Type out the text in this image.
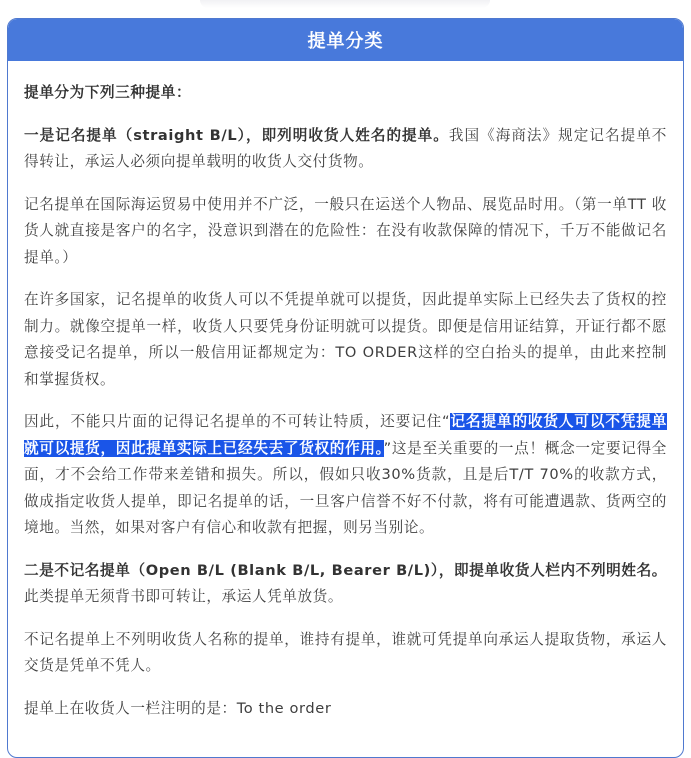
提单分类

提单分为下列三种提单：

一是记名提单（straight B/L），即列明收货人姓名的提单。我国《海商法》规定记名提单不得转让，承运人必须向提单载明的收货人交付货物。

记名提单在国际海运贸易中使用并不广泛，一般只在运送个人物品、展览品时用。（第一单TT 收货人就直接是客户的名字，没意识到潜在的危险性：在没有收款保障的情况下，千万不能做记名提单。）

在许多国家，记名提单的收货人可以不凭提单就可以提货，因此提单实际上已经失去了货权的控制力。就像空提单一样，收货人只要凭身份证明就可以提货。即便是信用证结算，开证行都不愿意接受记名提单，所以一般信用证都规定为：TO ORDER这样的空白抬头的提单，由此来控制和掌握货权。

因此，不能只片面的记得记名提单的不可转让特质，还要记住“记名提单的收货人可以不凭提单就可以提货，因此提单实际上已经失去了货权的作用。”这是至关重要的一点！概念一定要记得全面，才不会给工作带来差错和损失。所以，假如只收30%货款，且是后T/T 70%的收款方式，做成指定收货人提单，即记名提单的话，一旦客户信誉不好不付款，将有可能遭遇款、货两空的境地。当然，如果对客户有信心和收款有把握，则另当别论。

二是不记名提单（Open B/L (Blank B/L, Bearer B/L)），即提单收货人栏内不列明姓名。此类提单无须背书即可转让，承运人凭单放货。

不记名提单上不列明收货人名称的提单，谁持有提单，谁就可凭提单向承运人提取货物，承运人交货是凭单不凭人。

提单上在收货人一栏注明的是：To the order
